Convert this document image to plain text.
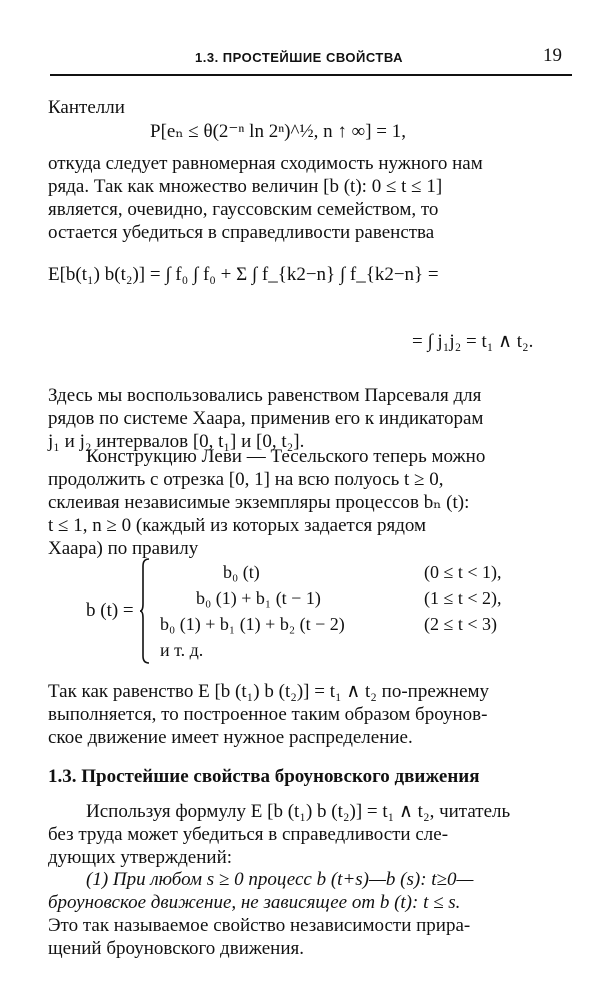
1.3. ПРОСТЕЙШИЕ СВОЙСТВА	19
Кантелли
P[eₙ ≤ θ(2⁻ⁿ ln 2ⁿ)^½, n ↑ ∞] = 1,
откуда следует равномерная сходимость нужного нам
ряда. Так как множество величин [b (t): 0 ≤ t ≤ 1]
является, очевидно, гауссовским семейством, то
остается убедиться в справедливости равенства
E[b(t₁) b(t₂)] = ∫ f₀ ∫ f₀ + Σ ∫ f_{k2−n} ∫ f_{k2−n} =
= ∫ j₁j₂ = t₁ ∧ t₂.
Здесь мы воспользовались равенством Парсеваля для
рядов по системе Хаара, применив его к индикаторам
j₁ и j₂ интервалов [0, t₁] и [0, t₂].
Конструкцию Леви — Тесельского теперь можно
продолжить с отрезка [0, 1] на всю полуось t ≥ 0,
склеивая независимые экземпляры процессов bₙ (t):
t ≤ 1, n ≥ 0 (каждый из которых задается рядом
Хаара) по правилу
b (t) =
b₀ (t)	(0 ≤ t < 1),
b₀ (1) + b₁ (t − 1)	(1 ≤ t < 2),
b₀ (1) + b₁ (1) + b₂ (t − 2)	(2 ≤ t < 3)
и т. д.
Так как равенство E [b (t₁) b (t₂)] = t₁ ∧ t₂ по-прежнему
выполняется, то построенное таким образом броунов-
ское движение имеет нужное распределение.
1.3. Простейшие свойства броуновского движения
Используя формулу E [b (t₁) b (t₂)] = t₁ ∧ t₂, читатель
без труда может убедиться в справедливости сле-
дующих утверждений:
(1) При любом s ≥ 0 процесс b (t+s)—b (s): t≥0—
броуновское движение, не зависящее от b (t): t ≤ s.
Это так называемое свойство независимости прира-
щений броуновского движения.
